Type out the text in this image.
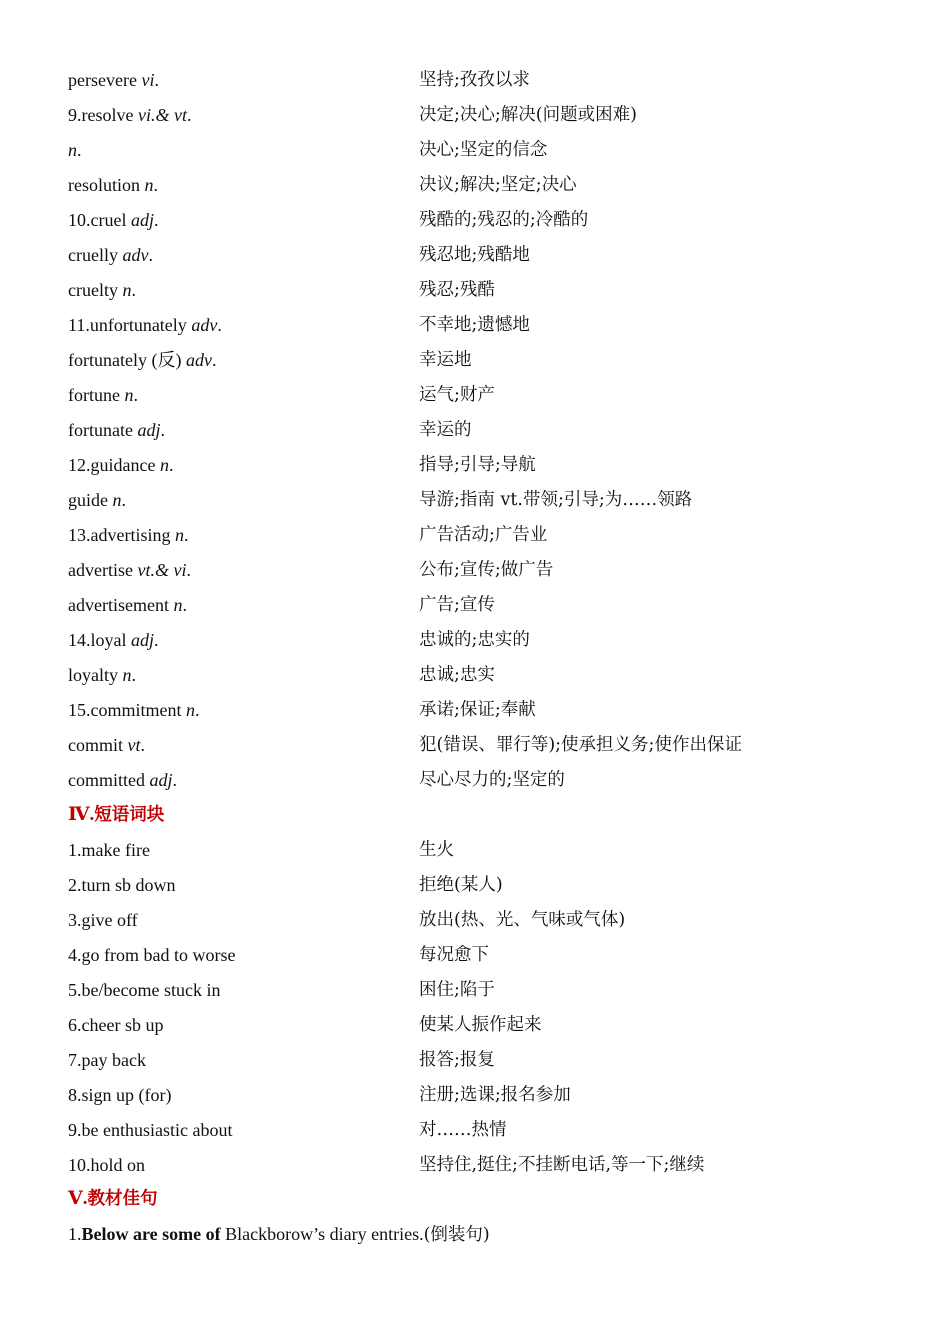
persevere vi.	坚持;孜孜以求
9.resolve vi.& vt.	决定;决心;解决(问题或困难)
n.	决心;坚定的信念
resolution n.	决议;解决;坚定;决心
10.cruel adj.	残酷的;残忍的;冷酷的
cruelly adv.	残忍地;残酷地
cruelty n.	残忍;残酷
11.unfortunately adv.	不幸地;遗憾地
fortunately (反) adv.	幸运地
fortune n.	运气;财产
fortunate adj.	幸运的
12.guidance n.	指导;引导;导航
guide n.	导游;指南 vt.带领;引导;为……领路
13.advertising n.	广告活动;广告业
advertise vt.& vi.	公布;宣传;做广告
advertisement n.	广告;宣传
14.loyal adj.	忠诚的;忠实的
loyalty n.	忠诚;忠实
15.commitment n.	承诺;保证;奉献
commit vt.	犯(错误、罪行等);使承担义务;使作出保证
committed adj.	尽心尽力的;坚定的
Ⅳ.短语词块
1.make fire	生火
2.turn sb down	拒绝(某人)
3.give off	放出(热、光、气味或气体)
4.go from bad to worse	每况愈下
5.be/become stuck in	困住;陷于
6.cheer sb up	使某人振作起来
7.pay back	报答;报复
8.sign up (for)	注册;选课;报名参加
9.be enthusiastic about	对……热情
10.hold on	坚持住,挺住;不挂断电话,等一下;继续
Ⅴ.教材佳句
1.Below are some of Blackborow’s diary entries.(倒装句)
